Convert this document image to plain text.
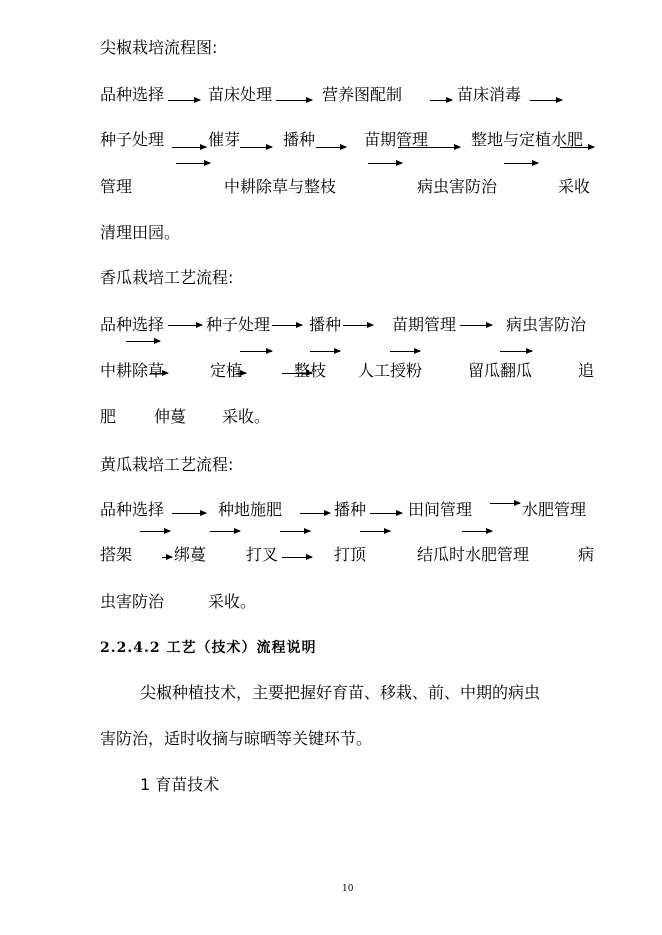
尖椒栽培流程图:
品种选择	苗床处理	营养图配制	苗床消毒
种子处理	催芽	播种	苗期管理	整地与定植水肥
管理	中耕除草与整枝	病虫害防治	采收
清理田园。
香瓜栽培工艺流程:
品种选择	种子处理 播种	苗期管理	病虫害防治
中耕除草	定植	整枝 人工授粉	留瓜翻瓜	追
肥 伸蔓 采收。
黄瓜栽培工艺流程:
品种选择	种地施肥	播种	田间管理	水肥管理
搭架	绑蔓 打叉	打顶	结瓜时水肥管理	病
虫害防治	采收。
2.2.4.2 工艺（技术）流程说明
尖椒种植技术，主要把握好育苗、移栽、前、中期的病虫
害防治，适时收摘与晾晒等关键环节。
1 育苗技术
10
